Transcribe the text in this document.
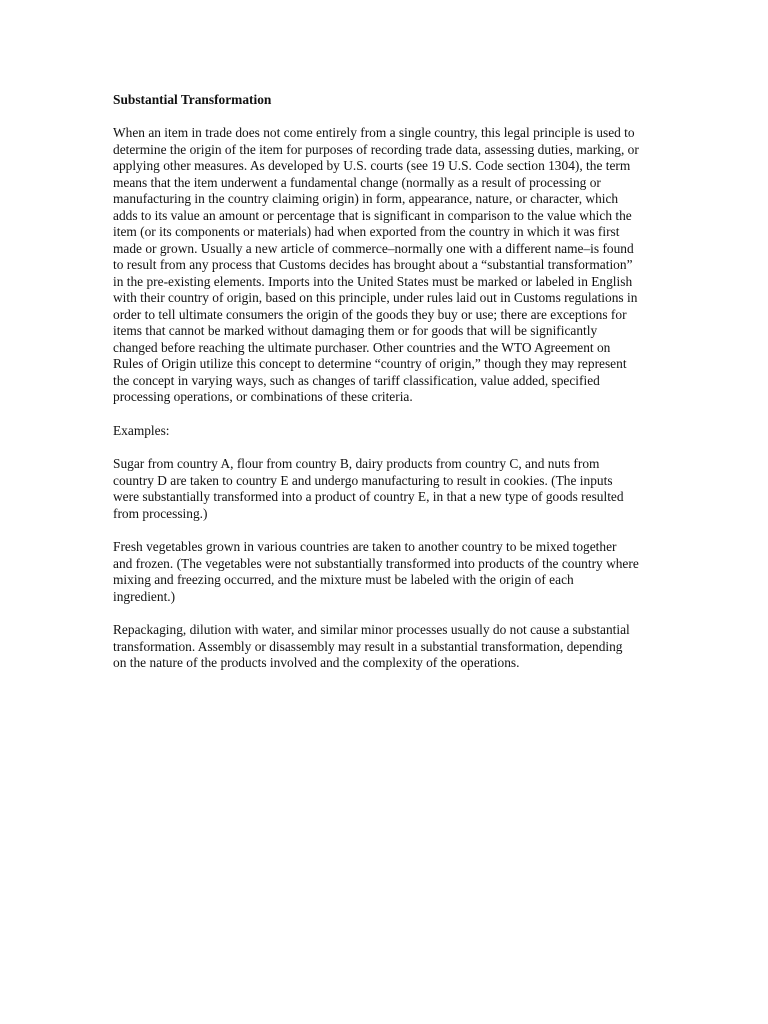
Substantial Transformation

When an item in trade does not come entirely from a single country, this legal principle is used to
determine the origin of the item for purposes of recording trade data, assessing duties, marking, or
applying other measures. As developed by U.S. courts (see 19 U.S. Code section 1304), the term
means that the item underwent a fundamental change (normally as a result of processing or
manufacturing in the country claiming origin) in form, appearance, nature, or character, which
adds to its value an amount or percentage that is significant in comparison to the value which the
item (or its components or materials) had when exported from the country in which it was first
made or grown. Usually a new article of commerce–normally one with a different name–is found
to result from any process that Customs decides has brought about a “substantial transformation”
in the pre-existing elements. Imports into the United States must be marked or labeled in English
with their country of origin, based on this principle, under rules laid out in Customs regulations in
order to tell ultimate consumers the origin of the goods they buy or use; there are exceptions for
items that cannot be marked without damaging them or for goods that will be significantly
changed before reaching the ultimate purchaser. Other countries and the WTO Agreement on
Rules of Origin utilize this concept to determine “country of origin,” though they may represent
the concept in varying ways, such as changes of tariff classification, value added, specified
processing operations, or combinations of these criteria.

Examples:

Sugar from country A, flour from country B, dairy products from country C, and nuts from
country D are taken to country E and undergo manufacturing to result in cookies. (The inputs
were substantially transformed into a product of country E, in that a new type of goods resulted
from processing.)

Fresh vegetables grown in various countries are taken to another country to be mixed together
and frozen. (The vegetables were not substantially transformed into products of the country where
mixing and freezing occurred, and the mixture must be labeled with the origin of each
ingredient.)

Repackaging, dilution with water, and similar minor processes usually do not cause a substantial
transformation. Assembly or disassembly may result in a substantial transformation, depending
on the nature of the products involved and the complexity of the operations.
